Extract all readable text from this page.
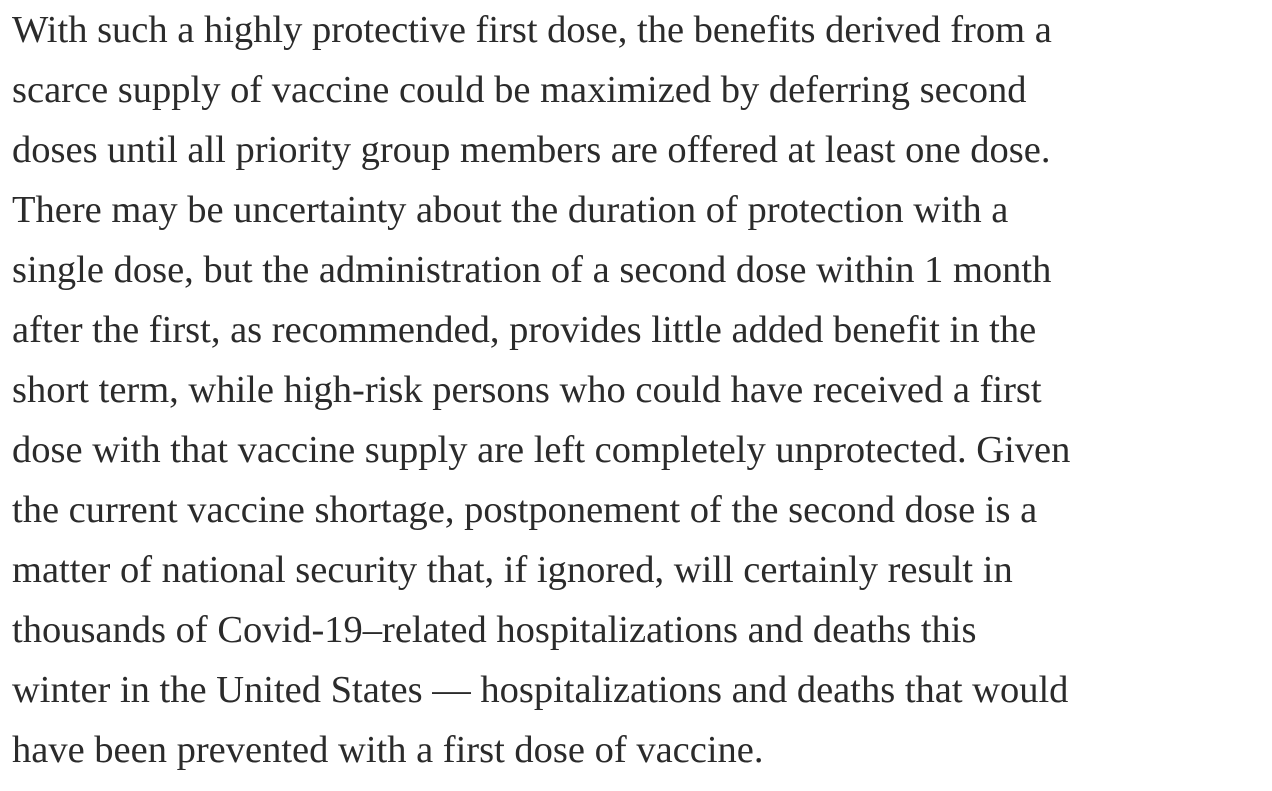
With such a highly protective first dose, the benefits derived from a
scarce supply of vaccine could be maximized by deferring second
doses until all priority group members are offered at least one dose.
There may be uncertainty about the duration of protection with a
single dose, but the administration of a second dose within 1 month
after the first, as recommended, provides little added benefit in the
short term, while high-risk persons who could have received a first
dose with that vaccine supply are left completely unprotected. Given
the current vaccine shortage, postponement of the second dose is a
matter of national security that, if ignored, will certainly result in
thousands of Covid-19–related hospitalizations and deaths this
winter in the United States — hospitalizations and deaths that would
have been prevented with a first dose of vaccine.
